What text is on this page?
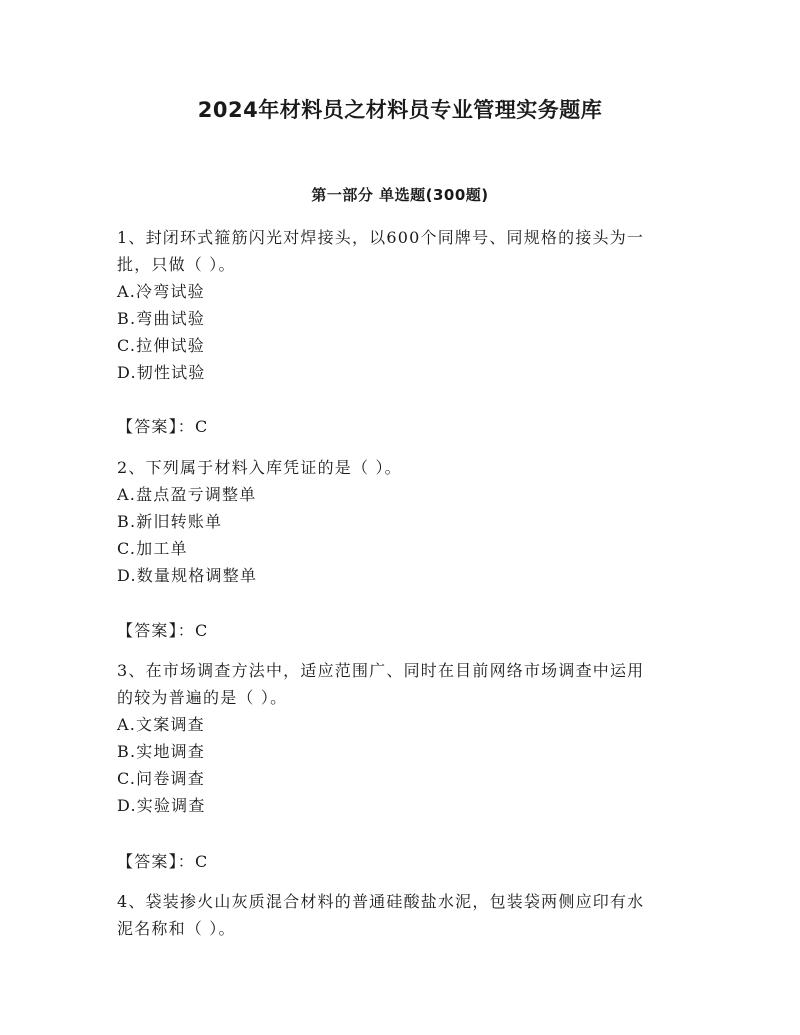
2024年材料员之材料员专业管理实务题库
第一部分 单选题(300题)

1、封闭环式箍筋闪光对焊接头，以600个同牌号、同规格的接头为一

批，只做（ ）。

A.冷弯试验

B.弯曲试验

C.拉伸试验

D.韧性试验

【答案】：C

2、下列属于材料入库凭证的是（ ）。

A.盘点盈亏调整单

B.新旧转账单

C.加工单

D.数量规格调整单

【答案】：C

3、在市场调查方法中，适应范围广、同时在目前网络市场调查中运用

的较为普遍的是（ ）。

A.文案调查

B.实地调查

C.问卷调查

D.实验调查

【答案】：C

4、袋装掺火山灰质混合材料的普通硅酸盐水泥，包装袋两侧应印有水

泥名称和（ ）。
